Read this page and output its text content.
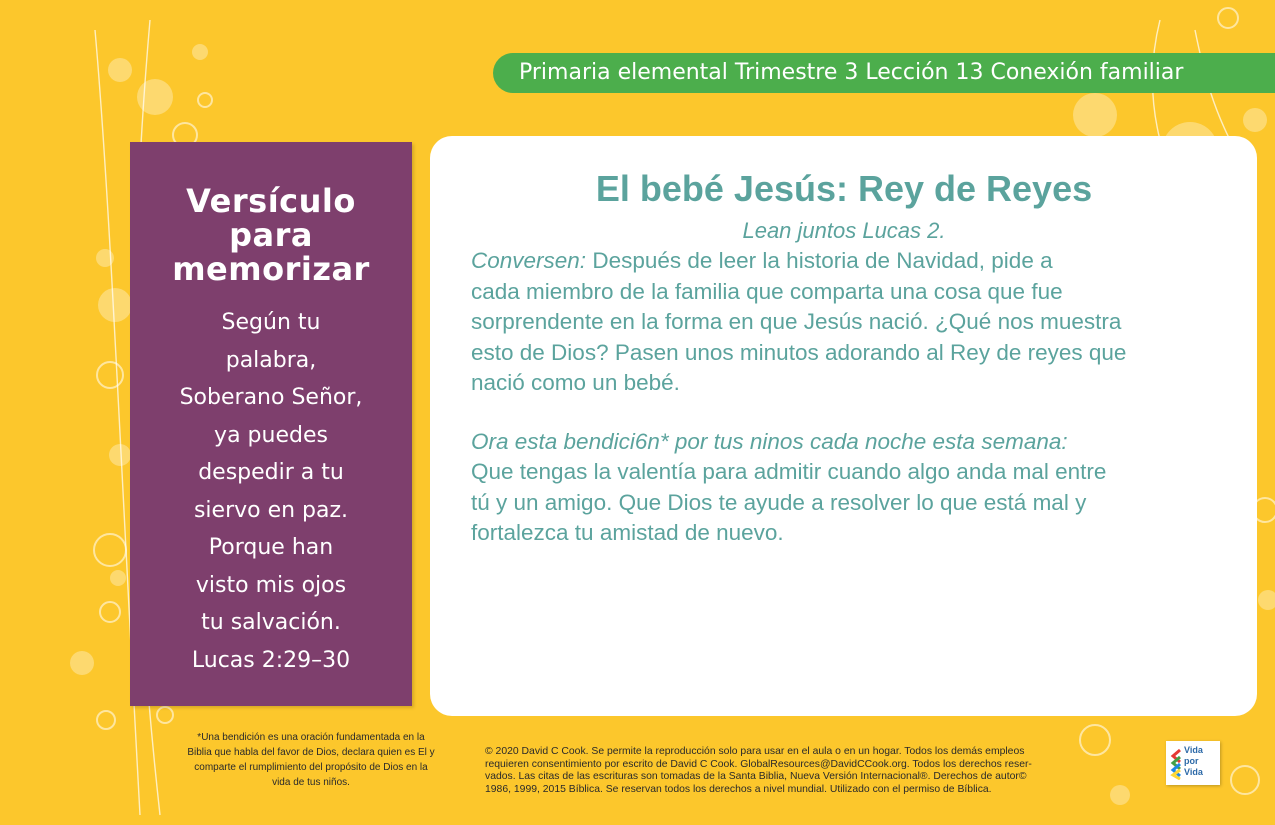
Primaria elemental Trimestre 3 Lección 13 Conexión familiar
Versículo
para
memorizar
Según tu
palabra,
Soberano Señor,
ya puedes
despedir a tu
siervo en paz.
Porque han
visto mis ojos
tu salvación.
Lucas 2:29–30
El bebé Jesús: Rey de Reyes

Lean juntos Lucas 2.

Conversen: Después de leer la historia de Navidad, pide a
cada miembro de la familia que comparta una cosa que fue
sorprendente en la forma en que Jesús nació. ¿Qué nos muestra
esto de Dios? Pasen unos minutos adorando al Rey de reyes que
nació como un bebé.

Ora esta bendici6n* por tus ninos cada noche esta semana:
Que tengas la valentía para admitir cuando algo anda mal entre
tú y un amigo. Que Dios te ayude a resolver lo que está mal y
fortalezca tu amistad de nuevo.

*Una bendición es una oración fundamentada en la
Biblia que habla del favor de Dios, declara quien es El y
comparte el rumplimiento del propósito de Dios en la
vida de tus niños.
© 2020 David C Cook. Se permite la reproducción solo para usar en el aula o en un hogar. Todos los demás empleos
requieren consentimiento por escrito de David C Cook. GlobalResources@DavidCCook.org. Todos los derechos reser-
vados. Las citas de las escrituras son tomadas de la Santa Biblia, Nueva Versión Internacional®. Derechos de autor©
1986, 1999, 2015 Bíblica. Se reservan todos los derechos a nivel mundial. Utilizado con el permiso de Bíblica.
Vida
por
Vida
